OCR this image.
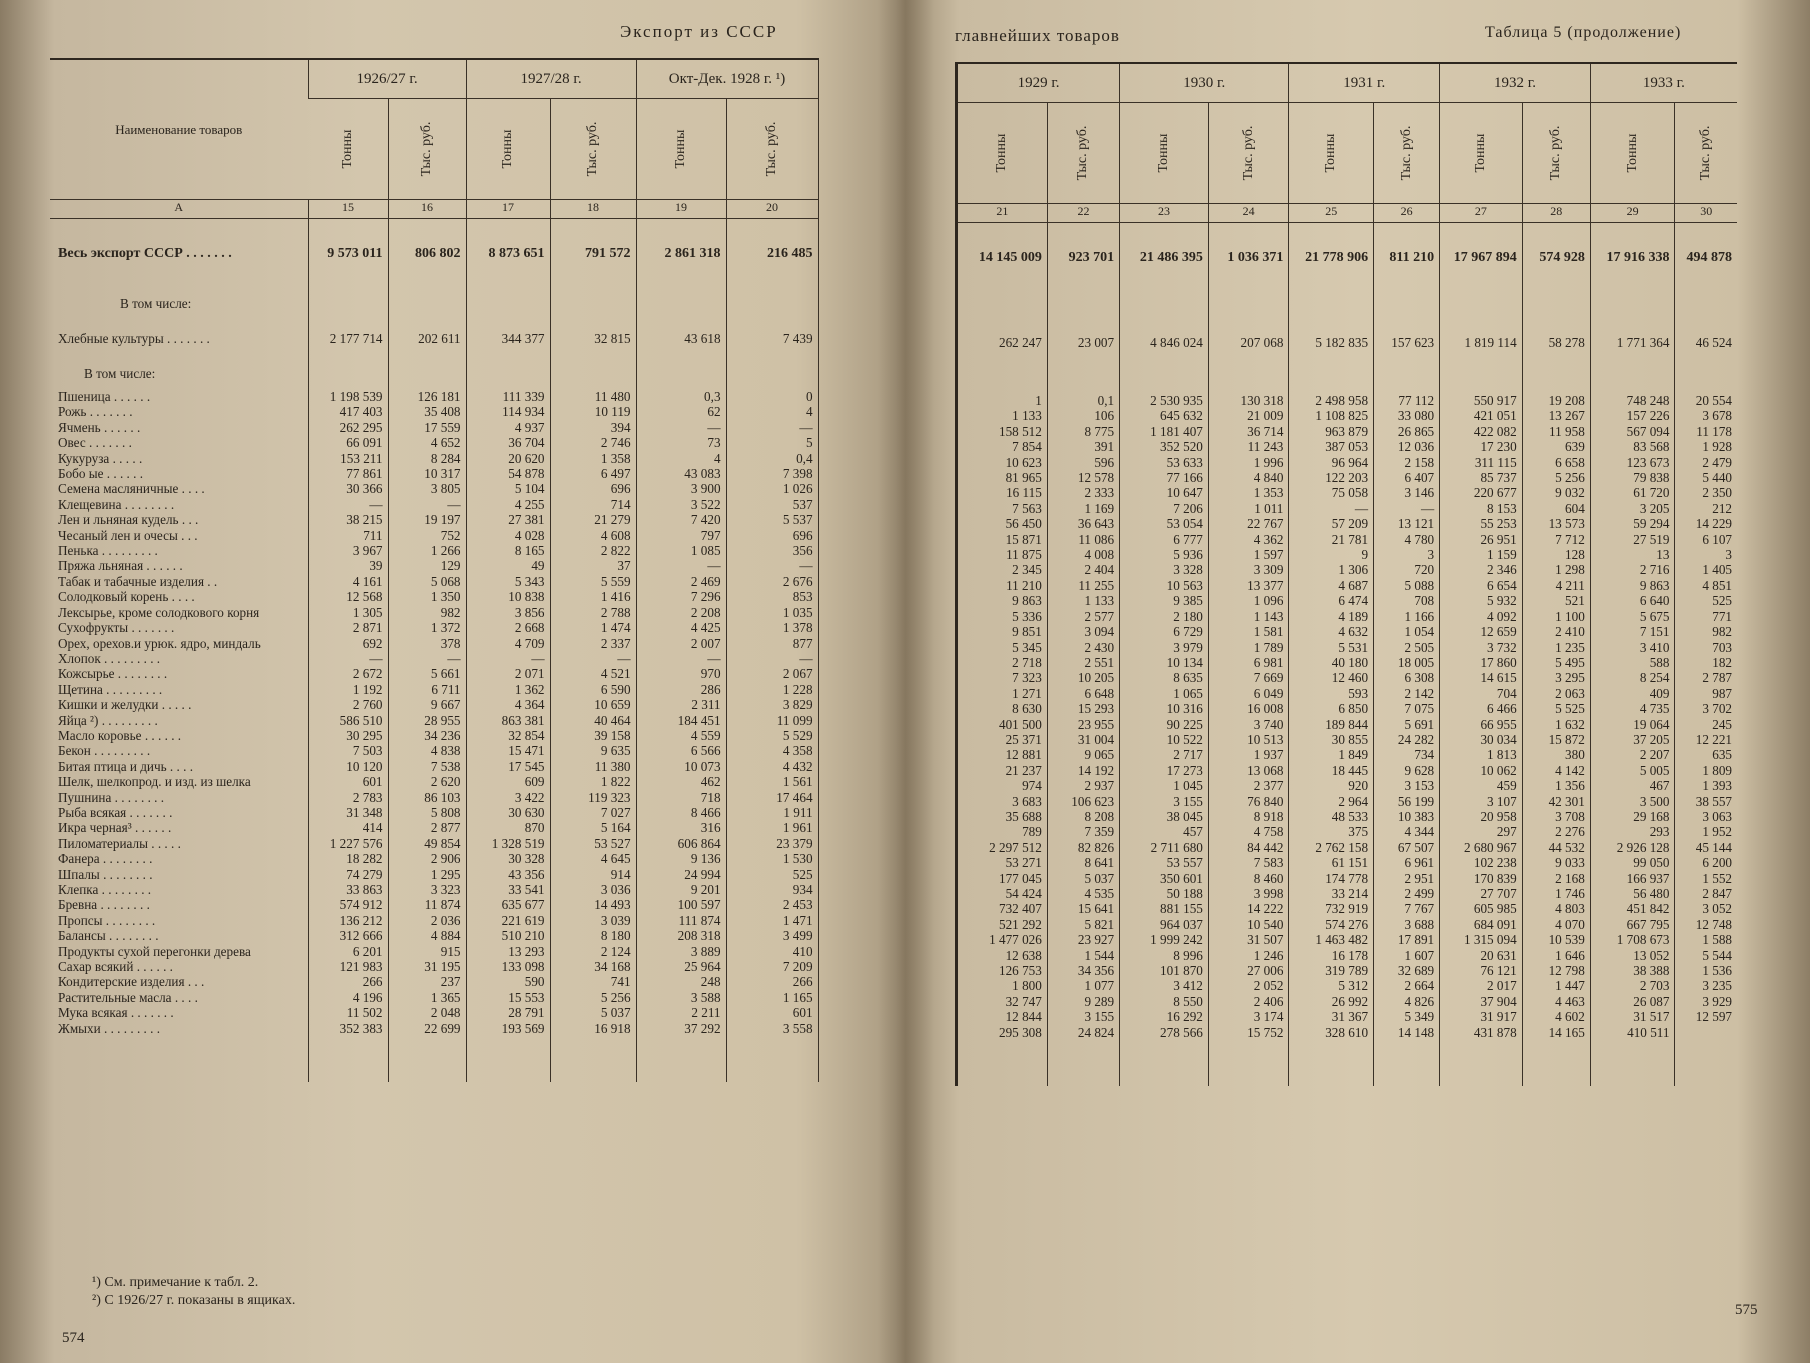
Экспорт из СССР
Наименование товаров	1926/27 г.		1927/28 г.		Окт-Дек. 1928 г. ¹)	

	Тонны	Тыс. руб.	Тонны	Тыс. руб.	Тонны	Тыс. руб.

А	15	16	17	18	19	20
Весь экспорт СССР . . . . . . .	9 573 011	806 802	8 873 651	791 572	2 861 318	216 485
В том числе:						
Хлебные культуры . . . . . . .	2 177 714	202 611	344 377	32 815	43 618	7 439
В том числе:						
Пшеница . . . . . .	1 198 539	126 181	111 339	11 480	0,3	0
Рожь . . . . . . .	417 403	35 408	114 934	10 119	62	4
Ячмень . . . . . .	262 295	17 559	4 937	394	—	—
Овес . . . . . . .	66 091	4 652	36 704	2 746	73	5
Кукуруза . . . . .	153 211	8 284	20 620	1 358	4	0,4
Бобо ые . . . . . .	77 861	10 317	54 878	6 497	43 083	7 398
Семена масляничные . . . .	30 366	3 805	5 104	696	3 900	1 026
Клещевина . . . . . . . .	—	—	4 255	714	3 522	537
Лен и льняная кудель . . .	38 215	19 197	27 381	21 279	7 420	5 537
Чесаный лен и очесы . . .	711	752	4 028	4 608	797	696
Пенька . . . . . . . . .	3 967	1 266	8 165	2 822	1 085	356
Пряжа льняная . . . . . .	39	129	49	37	—	—
Табак и табачные изделия . .	4 161	5 068	5 343	5 559	2 469	2 676
Солодковый корень . . . .	12 568	1 350	10 838	1 416	7 296	853
Лексырье, кроме солодкового корня	1 305	982	3 856	2 788	2 208	1 035
Сухофрукты . . . . . . .	2 871	1 372	2 668	1 474	4 425	1 378
Орех, орехов.и урюк. ядро, миндаль	692	378	4 709	2 337	2 007	877
Хлопок . . . . . . . . .	—	—	—	—	—	—
Кожсырье . . . . . . . .	2 672	5 661	2 071	4 521	970	2 067
Щетина . . . . . . . . .	1 192	6 711	1 362	6 590	286	1 228
Кишки и желудки . . . . .	2 760	9 667	4 364	10 659	2 311	3 829
Яйца ²) . . . . . . . . .	586 510	28 955	863 381	40 464	184 451	11 099
Масло коровье . . . . . .	30 295	34 236	32 854	39 158	4 559	5 529
Бекон . . . . . . . . .	7 503	4 838	15 471	9 635	6 566	4 358
Битая птица и дичь . . . .	10 120	7 538	17 545	11 380	10 073	4 432
Шелк, шелкопрод. и изд. из шелка	601	2 620	609	1 822	462	1 561
Пушнина . . . . . . . .	2 783	86 103	3 422	119 323	718	17 464
Рыба всякая . . . . . . .	31 348	5 808	30 630	7 027	8 466	1 911
Икра черная³ . . . . . .	414	2 877	870	5 164	316	1 961
Пиломатериалы . . . . .	1 227 576	49 854	1 328 519	53 527	606 864	23 379
Фанера . . . . . . . .	18 282	2 906	30 328	4 645	9 136	1 530
Шпалы . . . . . . . .	74 279	1 295	43 356	914	24 994	525
Клепка . . . . . . . .	33 863	3 323	33 541	3 036	9 201	934
Бревна . . . . . . . .	574 912	11 874	635 677	14 493	100 597	2 453
Пропсы . . . . . . . .	136 212	2 036	221 619	3 039	111 874	1 471
Балансы . . . . . . . .	312 666	4 884	510 210	8 180	208 318	3 499
Продукты сухой перегонки дерева	6 201	915	13 293	2 124	3 889	410
Сахар всякий . . . . . .	121 983	31 195	133 098	34 168	25 964	7 209
Кондитерские изделия . . .	266	237	590	741	248	266
Растительные масла . . . .	4 196	1 365	15 553	5 256	3 588	1 165
Мука всякая . . . . . . .	11 502	2 048	28 791	5 037	2 211	601
Жмыхи . . . . . . . . .	352 383	22 699	193 569	16 918	37 292	3 558

¹) См. примечание к табл. 2.
²) С 1926/27 г. показаны в ящиках.
574
главнейших товаров	Таблица 5 (продолжение)
1929 г.		1930 г.		1931 г.		1932 г.		1933 г.	

Тонны	Тыс. руб.	Тонны	Тыс. руб.	Тонны	Тыс. руб.	Тонны	Тыс. руб.	Тонны	Тыс. руб.

21	22	23	24	25	26	27	28	29	30
14 145 009	923 701	21 486 395	1 036 371	21 778 906	811 210	17 967 894	574 928	17 916 338	494 878

262 247	23 007	4 846 024	207 068	5 182 835	157 623	1 819 114	58 278	1 771 364	46 524

1	0,1	2 530 935	130 318	2 498 958	77 112	550 917	19 208	748 248	20 554
1 133	106	645 632	21 009	1 108 825	33 080	421 051	13 267	157 226	3 678
158 512	8 775	1 181 407	36 714	963 879	26 865	422 082	11 958	567 094	11 178
7 854	391	352 520	11 243	387 053	12 036	17 230	639	83 568	1 928
10 623	596	53 633	1 996	96 964	2 158	311 115	6 658	123 673	2 479
81 965	12 578	77 166	4 840	122 203	6 407	85 737	5 256	79 838	5 440
16 115	2 333	10 647	1 353	75 058	3 146	220 677	9 032	61 720	2 350
7 563	1 169	7 206	1 011	—	—	8 153	604	3 205	212
56 450	36 643	53 054	22 767	57 209	13 121	55 253	13 573	59 294	14 229
15 871	11 086	6 777	4 362	21 781	4 780	26 951	7 712	27 519	6 107
11 875	4 008	5 936	1 597	9	3	1 159	128	13	3
2 345	2 404	3 328	3 309	1 306	720	2 346	1 298	2 716	1 405
11 210	11 255	10 563	13 377	4 687	5 088	6 654	4 211	9 863	4 851
9 863	1 133	9 385	1 096	6 474	708	5 932	521	6 640	525
5 336	2 577	2 180	1 143	4 189	1 166	4 092	1 100	5 675	771
9 851	3 094	6 729	1 581	4 632	1 054	12 659	2 410	7 151	982
5 345	2 430	3 979	1 789	5 531	2 505	3 732	1 235	3 410	703
2 718	2 551	10 134	6 981	40 180	18 005	17 860	5 495	588	182
7 323	10 205	8 635	7 669	12 460	6 308	14 615	3 295	8 254	2 787
1 271	6 648	1 065	6 049	593	2 142	704	2 063	409	987
8 630	15 293	10 316	16 008	6 850	7 075	6 466	5 525	4 735	3 702
401 500	23 955	90 225	3 740	189 844	5 691	66 955	1 632	19 064	245
25 371	31 004	10 522	10 513	30 855	24 282	30 034	15 872	37 205	12 221
12 881	9 065	2 717	1 937	1 849	734	1 813	380	2 207	635
21 237	14 192	17 273	13 068	18 445	9 628	10 062	4 142	5 005	1 809
974	2 937	1 045	2 377	920	3 153	459	1 356	467	1 393
3 683	106 623	3 155	76 840	2 964	56 199	3 107	42 301	3 500	38 557
35 688	8 208	38 045	8 918	48 533	10 383	20 958	3 708	29 168	3 063
789	7 359	457	4 758	375	4 344	297	2 276	293	1 952
2 297 512	82 826	2 711 680	84 442	2 762 158	67 507	2 680 967	44 532	2 926 128	45 144
53 271	8 641	53 557	7 583	61 151	6 961	102 238	9 033	99 050	6 200
177 045	5 037	350 601	8 460	174 778	2 951	170 839	2 168	166 937	1 552
54 424	4 535	50 188	3 998	33 214	2 499	27 707	1 746	56 480	2 847
732 407	15 641	881 155	14 222	732 919	7 767	605 985	4 803	451 842	3 052
521 292	5 821	964 037	10 540	574 276	3 688	684 091	4 070	667 795	12 748
1 477 026	23 927	1 999 242	31 507	1 463 482	17 891	1 315 094	10 539	1 708 673	1 588
12 638	1 544	8 996	1 246	16 178	1 607	20 631	1 646	13 052	5 544
126 753	34 356	101 870	27 006	319 789	32 689	76 121	12 798	38 388	1 536
1 800	1 077	3 412	2 052	5 312	2 664	2 017	1 447	2 703	3 235
32 747	9 289	8 550	2 406	26 992	4 826	37 904	4 463	26 087	3 929
12 844	3 155	16 292	3 174	31 367	5 349	31 917	4 602	31 517	12 597
295 308	24 824	278 566	15 752	328 610	14 148	431 878	14 165	410 511	

575
